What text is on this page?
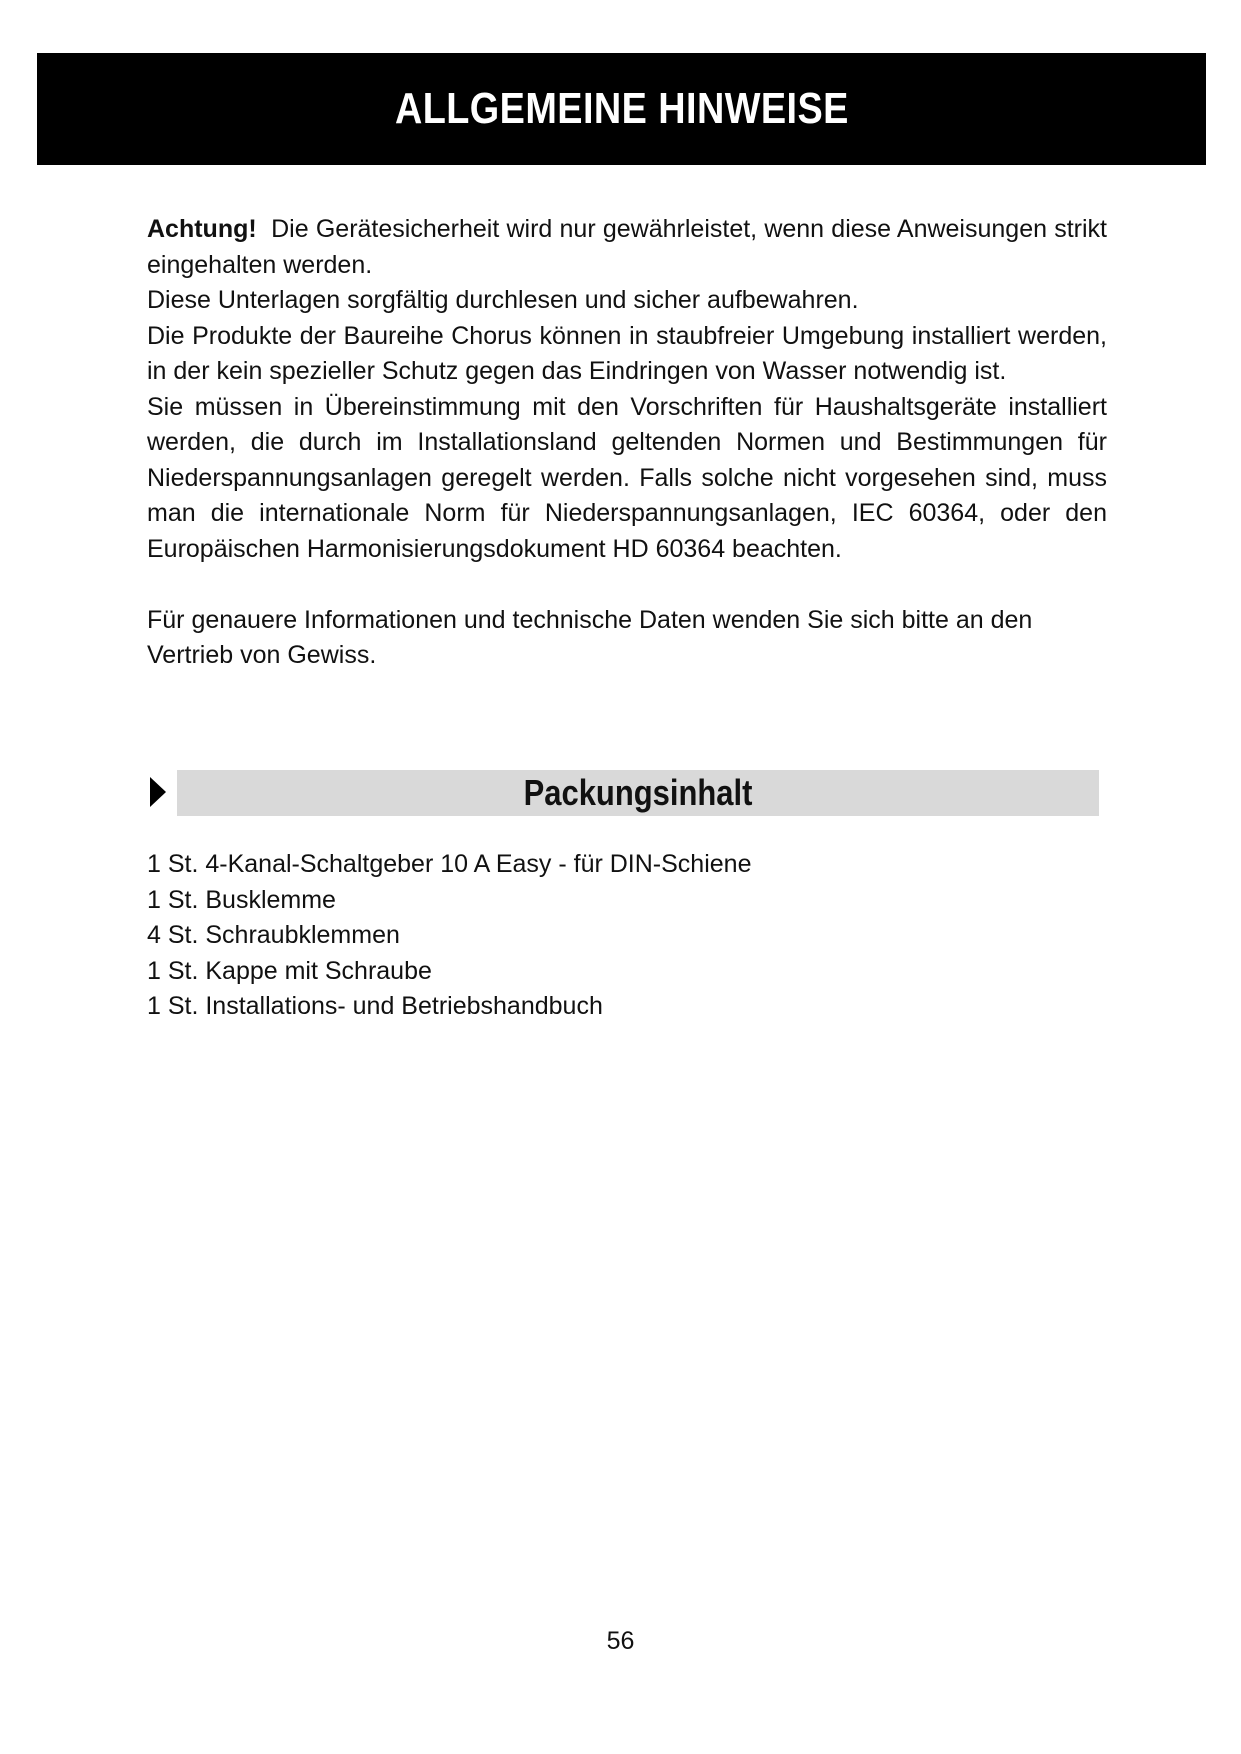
ALLGEMEINE HINWEISE

Achtung! Die Gerätesicherheit wird nur gewährleistet, wenn diese Anweisungen strikt eingehalten werden.

Diese Unterlagen sorgfältig durchlesen und sicher aufbewahren.

Die Produkte der Baureihe Chorus können in staubfreier Umgebung installiert werden, in der kein spezieller Schutz gegen das Eindringen von Wasser notwendig ist.

Sie müssen in Übereinstimmung mit den Vorschriften für Haushaltsgeräte installiert werden, die durch im Installationsland geltenden Normen und Bestimmungen für Niederspannungsanlagen geregelt werden. Falls solche nicht vorgesehen sind, muss man die internationale Norm für Niederspannungsanlagen, IEC 60364, oder den Europäischen Harmonisierungsdokument HD 60364 beachten.

Für genauere Informationen und technische Daten wenden Sie sich bitte an den Vertrieb von Gewiss.

Packungsinhalt
1 St. 4-Kanal-Schaltgeber 10 A Easy - für DIN-Schiene
1 St. Busklemme
4 St. Schraubklemmen
1 St. Kappe mit Schraube
1 St. Installations- und Betriebshandbuch
56
